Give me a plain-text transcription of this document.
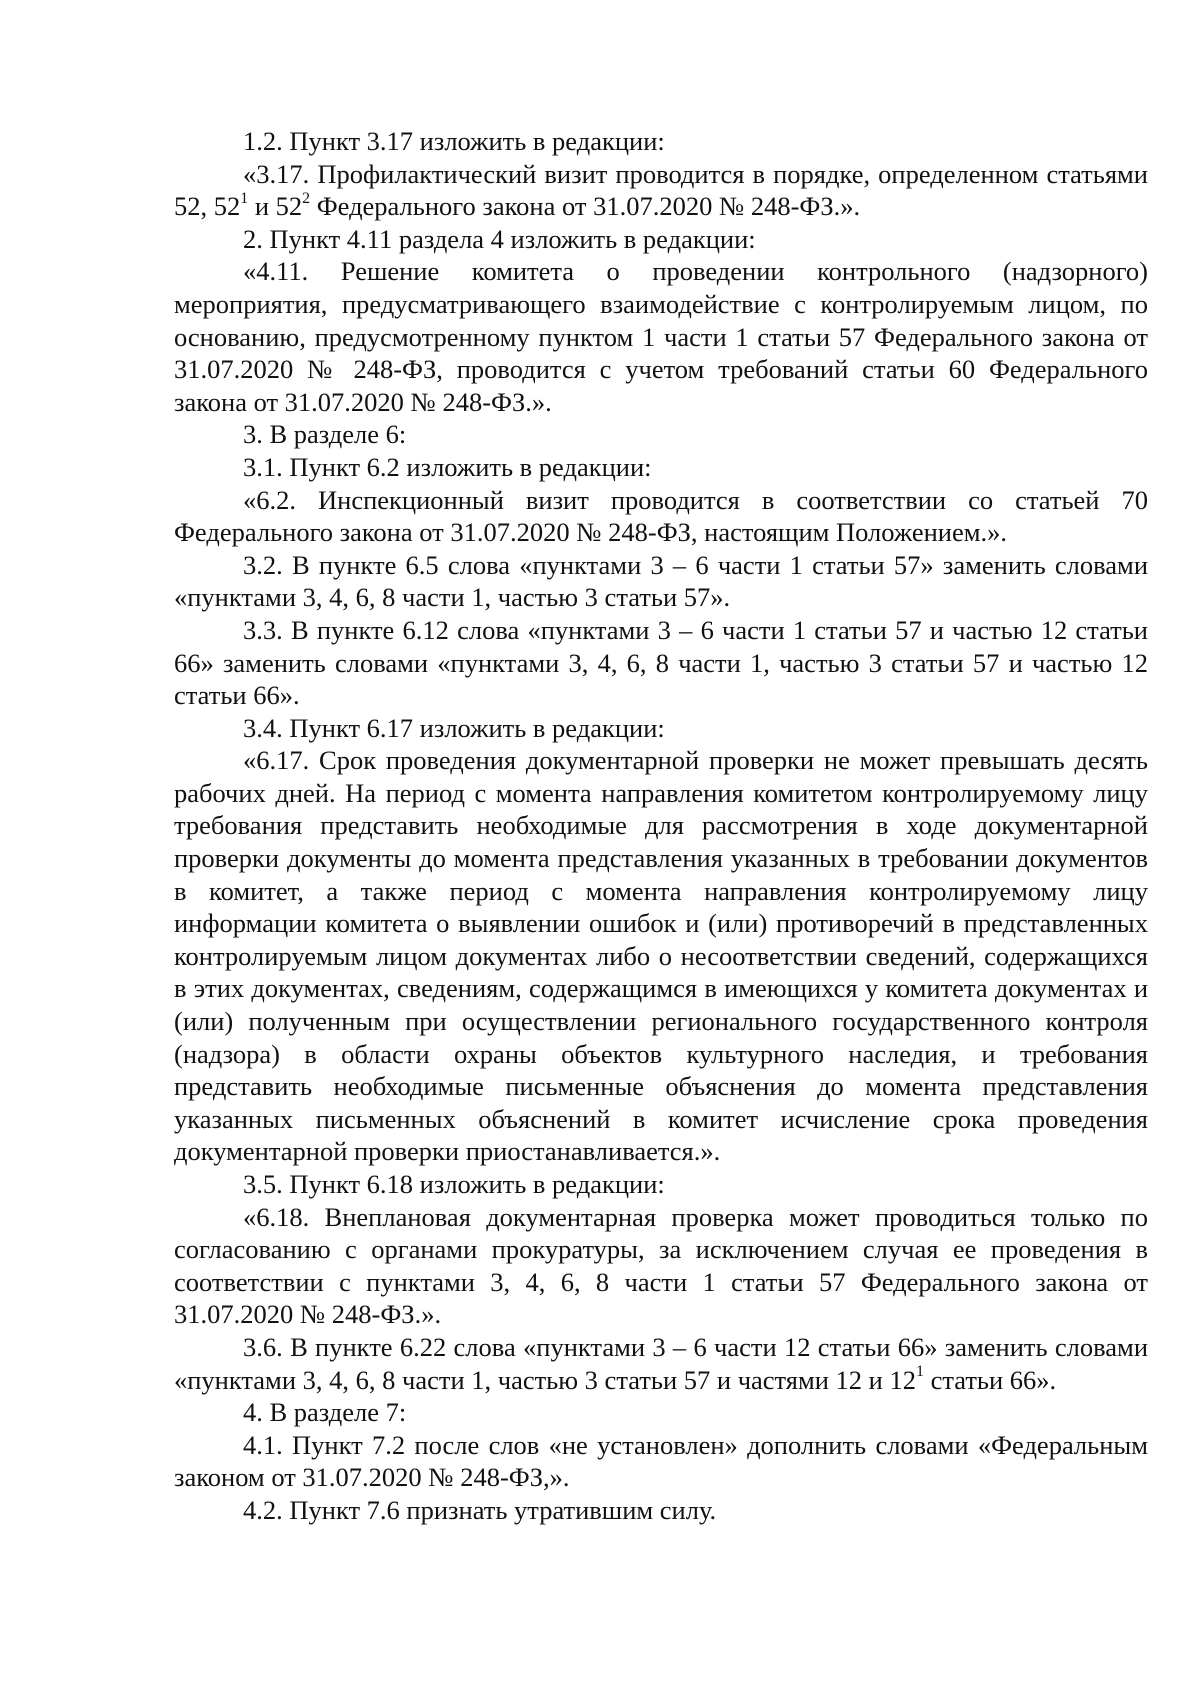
1.2. Пункт 3.17 изложить в редакции:

«3.17. Профилактический визит проводится в порядке, определенном статьями 52, $52^1$ и $52^2$ Федерального закона от 31.07.2020 № 248-ФЗ.».

2. Пункт 4.11 раздела 4 изложить в редакции:

«4.11. Решение комитета о проведении контрольного (надзорного) мероприятия, предусматривающего взаимодействие с контролируемым лицом, по основанию, предусмотренному пунктом 1 части 1 статьи 57 Федерального закона от 31.07.2020 № 248-ФЗ, проводится с учетом требований статьи 60 Федерального закона от 31.07.2020 № 248-ФЗ.».

3. В разделе 6:

3.1. Пункт 6.2 изложить в редакции:

«6.2. Инспекционный визит проводится в соответствии со статьей 70 Федерального закона от 31.07.2020 № 248-ФЗ, настоящим Положением.».

3.2. В пункте 6.5 слова «пунктами 3 – 6 части 1 статьи 57» заменить словами «пунктами 3, 4, 6, 8 части 1, частью 3 статьи 57».

3.3. В пункте 6.12 слова «пунктами 3 – 6 части 1 статьи 57 и частью 12 статьи 66» заменить словами «пунктами 3, 4, 6, 8 части 1, частью 3 статьи 57 и частью 12 статьи 66».

3.4. Пункт 6.17 изложить в редакции:

«6.17. Срок проведения документарной проверки не может превышать десять рабочих дней. На период с момента направления комитетом контролируемому лицу требования представить необходимые для рассмотрения в ходе документарной проверки документы до момента представления указанных в требовании документов в комитет, а также период с момента направления контролируемому лицу информации комитета о выявлении ошибок и (или) противоречий в представленных контролируемым лицом документах либо о несоответствии сведений, содержащихся в этих документах, сведениям, содержащимся в имеющихся у комитета документах и (или) полученным при осуществлении регионального государственного контроля (надзора) в области охраны объектов культурного наследия, и требования представить необходимые письменные объяснения до момента представления указанных письменных объяснений в комитет исчисление срока проведения документарной проверки приостанавливается.».

3.5. Пункт 6.18 изложить в редакции:

«6.18. Внеплановая документарная проверка может проводиться только по согласованию с органами прокуратуры, за исключением случая ее проведения в соответствии с пунктами 3, 4, 6, 8 части 1 статьи 57 Федерального закона от 31.07.2020 № 248-ФЗ.».

3.6. В пункте 6.22 слова «пунктами 3 – 6 части 12 статьи 66» заменить словами «пунктами 3, 4, 6, 8 части 1, частью 3 статьи 57 и частями 12 и $12^1$ статьи 66».

4. В разделе 7:

4.1. Пункт 7.2 после слов «не установлен» дополнить словами «Федеральным законом от 31.07.2020 № 248-ФЗ,».

4.2. Пункт 7.6 признать утратившим силу.
